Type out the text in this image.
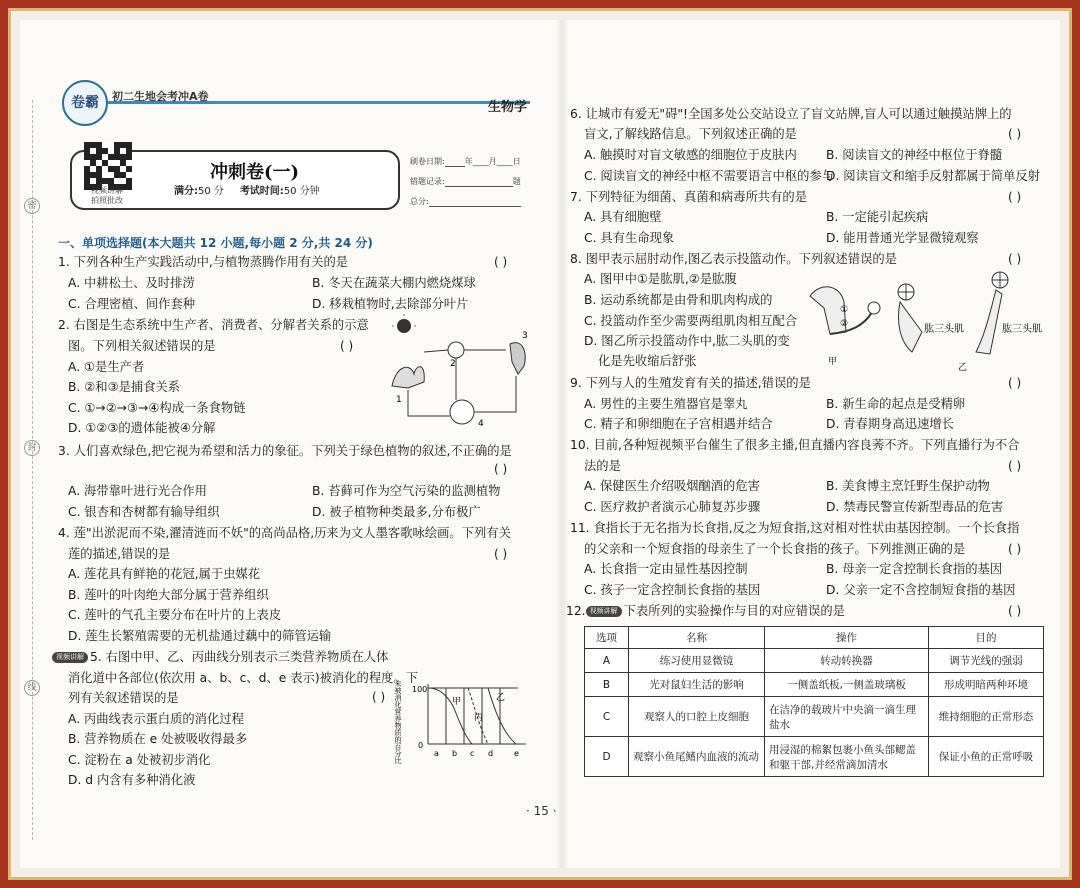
密
封
线
卷霸	初二生地会考冲A卷
生物学
视频讲解
拍照批改
冲刺卷(一)
满分:50 分 考试时间:50 分钟
刷卷日期:	年____月____日
错题记录:	题
总分:
一、单项选择题(本大题共 12 小题,每小题 2 分,共 24 分)
1. 下列各种生产实践活动中,与植物蒸腾作用有关的是	( )
A. 中耕松土、及时排涝	B. 冬天在蔬菜大棚内燃烧煤球
C. 合理密植、间作套种	D. 移栽植物时,去除部分叶片
2. 右图是生态系统中生产者、消费者、分解者关系的示意
图。下列相关叙述错误的是	( )
A. ①是生产者
B. ②和③是捕食关系
C. ①→②→③→④构成一条食物链
D. ①②③的遗体能被④分解
1
2
3
4
3. 人们喜欢绿色,把它视为希望和活力的象征。下列关于绿色植物的叙述,不正确的是
( )
A. 海带靠叶进行光合作用	B. 苔藓可作为空气污染的监测植物
C. 银杏和杏树都有输导组织	D. 被子植物种类最多,分布极广
4. 莲"出淤泥而不染,濯清涟而不妖"的高尚品格,历来为文人墨客歌咏绘画。下列有关
莲的描述,错误的是	( )
A. 莲花具有鲜艳的花冠,属于虫媒花
B. 莲叶的叶肉绝大部分属于营养组织
C. 莲叶的气孔主要分布在叶片的上表皮
D. 莲生长繁殖需要的无机盐通过藕中的筛管运输
视频讲解 5. 右图中甲、乙、丙曲线分别表示三类营养物质在人体
消化道中各部位(依次用 a、b、c、d、e 表示)被消化的程度。下
列有关叙述错误的是	( )
A. 丙曲线表示蛋白质的消化过程
B. 营养物质在 e 处被吸收得最多
C. 淀粉在 a 处被初步消化
D. d 内含有多种消化液
未被消化营养物质的百分比 100
0
甲
丙
乙
a b c d	e
6. 让城市有爱无"碍"!全国多处公交站设立了盲文站牌,盲人可以通过触摸站牌上的
盲文,了解线路信息。下列叙述正确的是	( )
A. 触摸时对盲文敏感的细胞位于皮肤内 B. 阅读盲文的神经中枢位于脊髓
C. 阅读盲文的神经中枢不需要语言中枢的参与
D. 阅读盲文和缩手反射都属于简单反射
7. 下列特征为细菌、真菌和病毒所共有的是	( )
A. 具有细胞壁	B. 一定能引起疾病
C. 具有生命现象	D. 能用普通光学显微镜观察
8. 图甲表示屈肘动作,图乙表示投篮动作。下列叙述错误的是	( )
A. 图甲中①是肱肌,②是肱腹
B. 运动系统都是由骨和肌肉构成的
C. 投篮动作至少需要两组肌肉相互配合
D. 图乙所示投篮动作中,肱二头肌的变
化是先收缩后舒张
①
②
甲
肱三头肌	肱三头肌
乙
9. 下列与人的生殖发育有关的描述,错误的是	( )
A. 男性的主要生殖器官是睾丸	B. 新生命的起点是受精卵
C. 精子和卵细胞在子宫相遇并结合	D. 青春期身高迅速增长
10. 目前,各种短视频平台催生了很多主播,但直播内容良莠不齐。下列直播行为不合
法的是	( )
A. 保健医生介绍吸烟酗酒的危害	B. 美食博主烹饪野生保护动物
C. 医疗救护者演示心肺复苏步骤	D. 禁毒民警宣传新型毒品的危害
11. 食指长于无名指为长食指,反之为短食指,这对相对性状由基因控制。一个长食指
的父亲和一个短食指的母亲生了一个长食指的孩子。下列推测正确的是	( )
A. 长食指一定由显性基因控制	B. 母亲一定含控制长食指的基因
C. 孩子一定含控制长食指的基因	D. 父亲一定不含控制短食指的基因
12. 视频讲解 下表所列的实验操作与目的对应错误的是	( )
选项	名称	操作	目的
A	练习使用显微镜	转动转换器	调节光线的强弱
B	光对鼠妇生活的影响	一侧盖纸板,一侧盖玻璃板	形成明暗两种环境
C	观察人的口腔上皮细胞	在洁净的载玻片中央滴一滴生理盐水	维持细胞的正常形态
D	观察小鱼尾鳍内血液的流动	用浸湿的棉絮包裹小鱼头部鳃盖和躯干部,并经常滴加清水	保证小鱼的正常呼吸
· 15 ·
